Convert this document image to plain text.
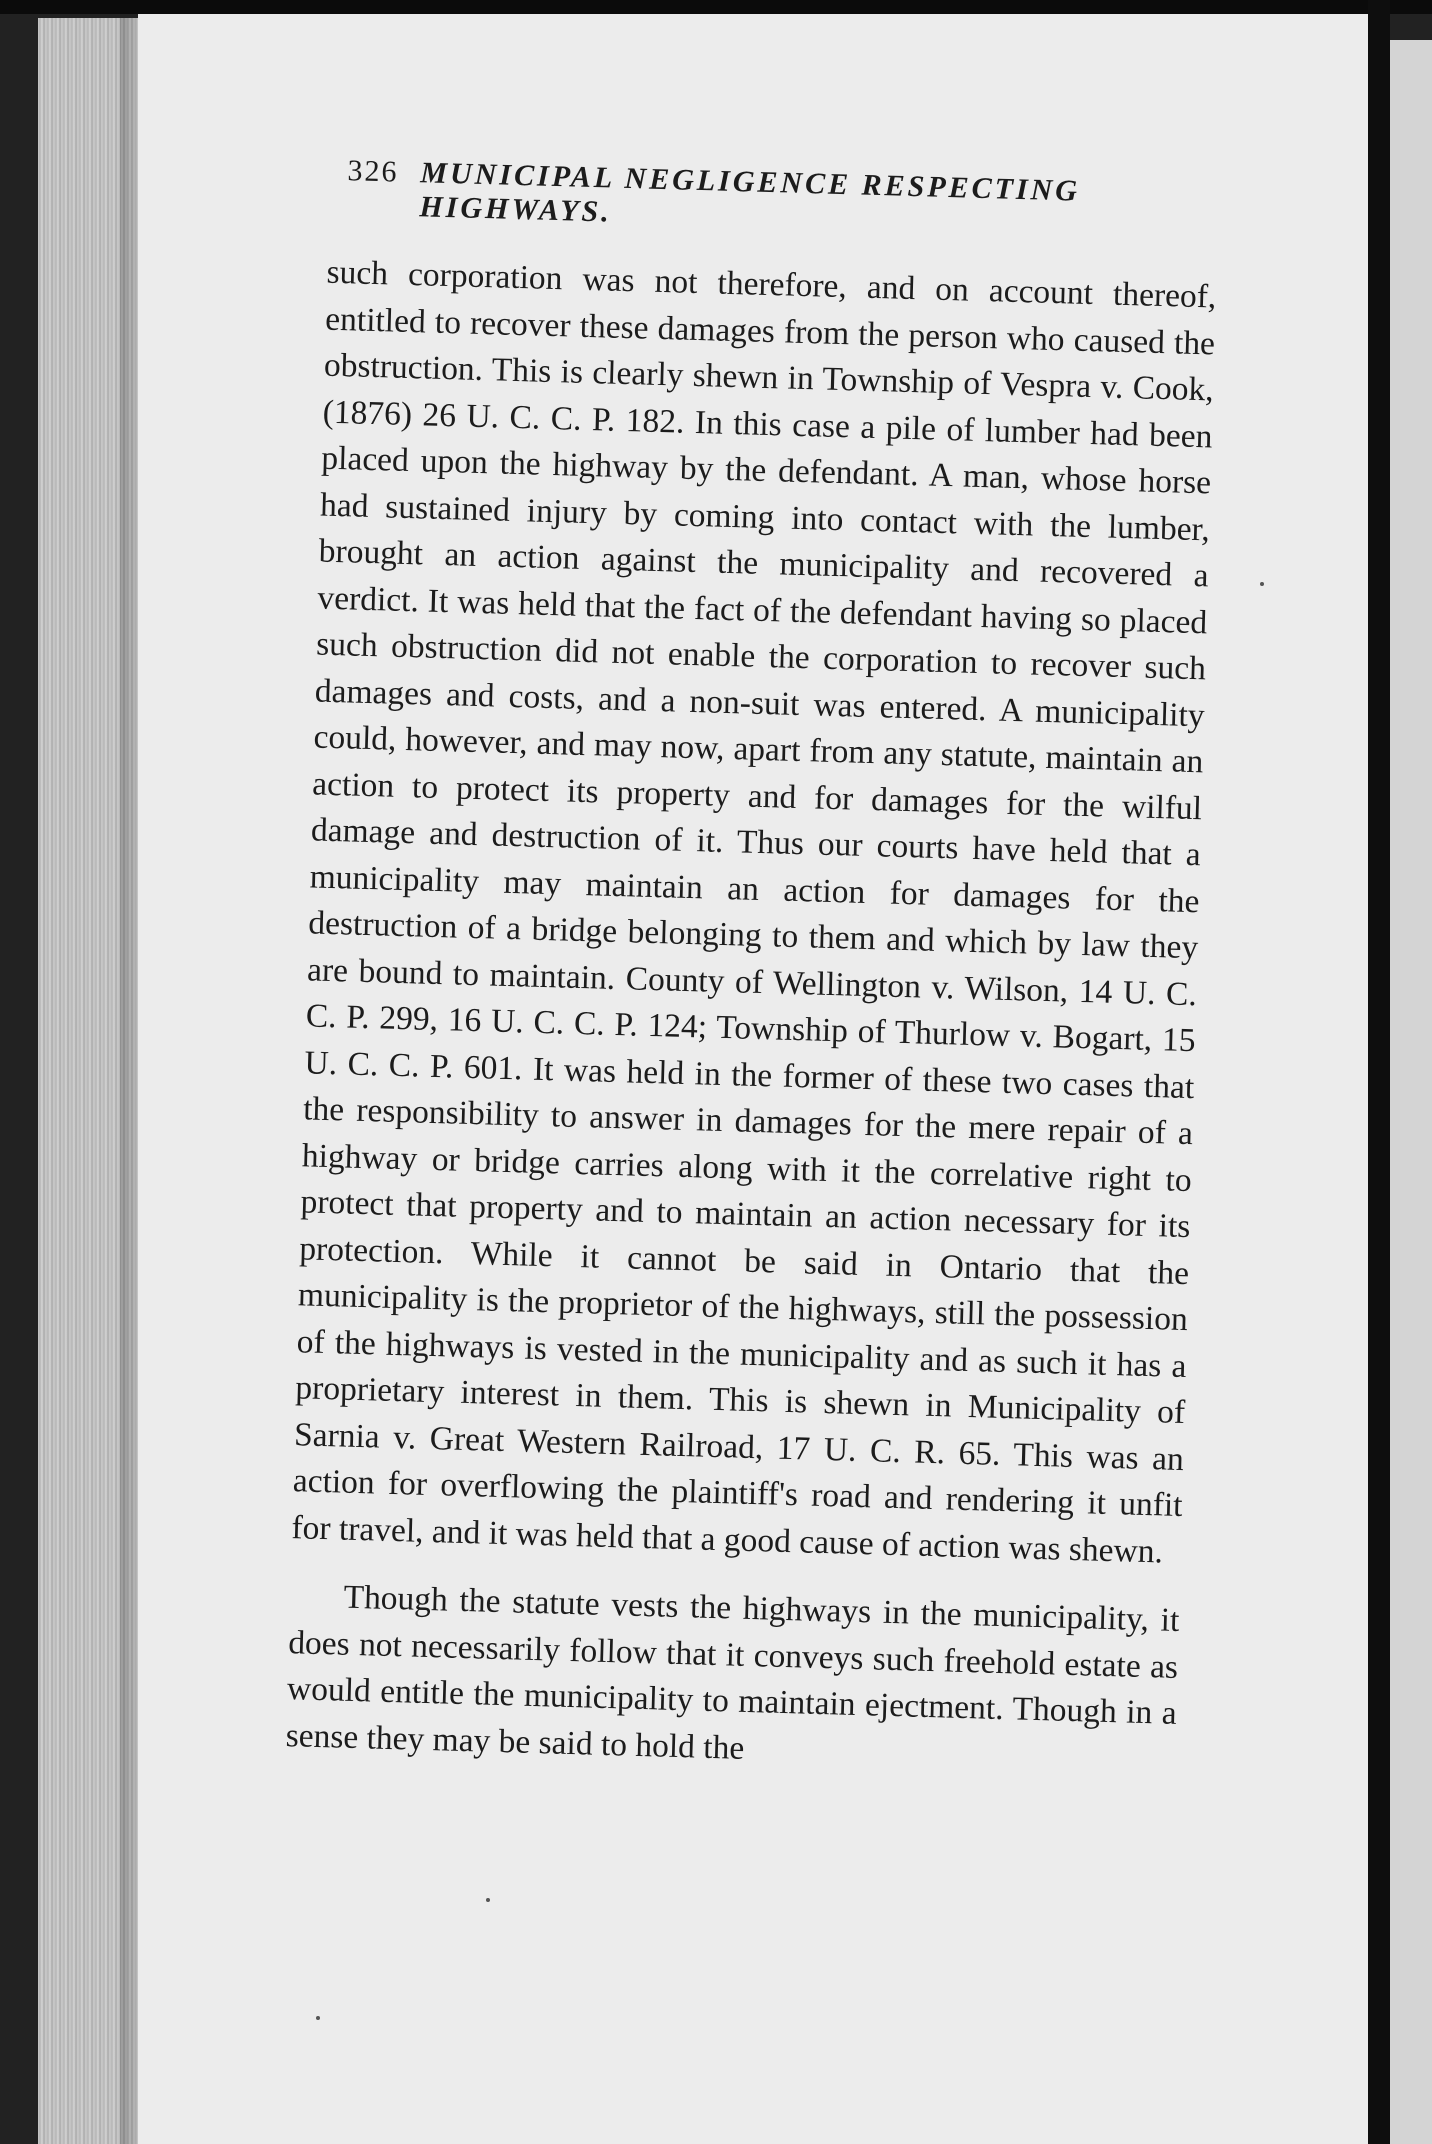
326 MUNICIPAL NEGLIGENCE RESPECTING HIGHWAYS.

such corporation was not therefore, and on account thereof, entitled to recover these damages from the person who caused the obstruction. This is clearly shewn in Township of Vespra v. Cook, (1876) 26 U. C. C. P. 182. In this case a pile of lumber had been placed upon the highway by the defendant. A man, whose horse had sustained injury by coming into contact with the lumber, brought an action against the municipality and recovered a verdict. It was held that the fact of the defendant having so placed such obstruction did not enable the corporation to recover such damages and costs, and a non-suit was entered. A municipality could, however, and may now, apart from any statute, maintain an action to protect its property and for damages for the wilful damage and destruction of it. Thus our courts have held that a municipality may maintain an action for damages for the destruction of a bridge belonging to them and which by law they are bound to maintain. County of Wellington v. Wilson, 14 U. C. C. P. 299, 16 U. C. C. P. 124; Township of Thurlow v. Bogart, 15 U. C. C. P. 601. It was held in the former of these two cases that the responsibility to answer in damages for the mere repair of a highway or bridge carries along with it the correlative right to protect that property and to maintain an action necessary for its protection. While it cannot be said in Ontario that the municipality is the proprietor of the highways, still the possession of the highways is vested in the municipality and as such it has a proprietary interest in them. This is shewn in Municipality of Sarnia v. Great Western Railroad, 17 U. C. R. 65. This was an action for overflowing the plaintiff's road and rendering it unfit for travel, and it was held that a good cause of action was shewn.

Though the statute vests the highways in the municipality, it does not necessarily follow that it conveys such freehold estate as would entitle the municipality to maintain ejectment. Though in a sense they may be said to hold the
